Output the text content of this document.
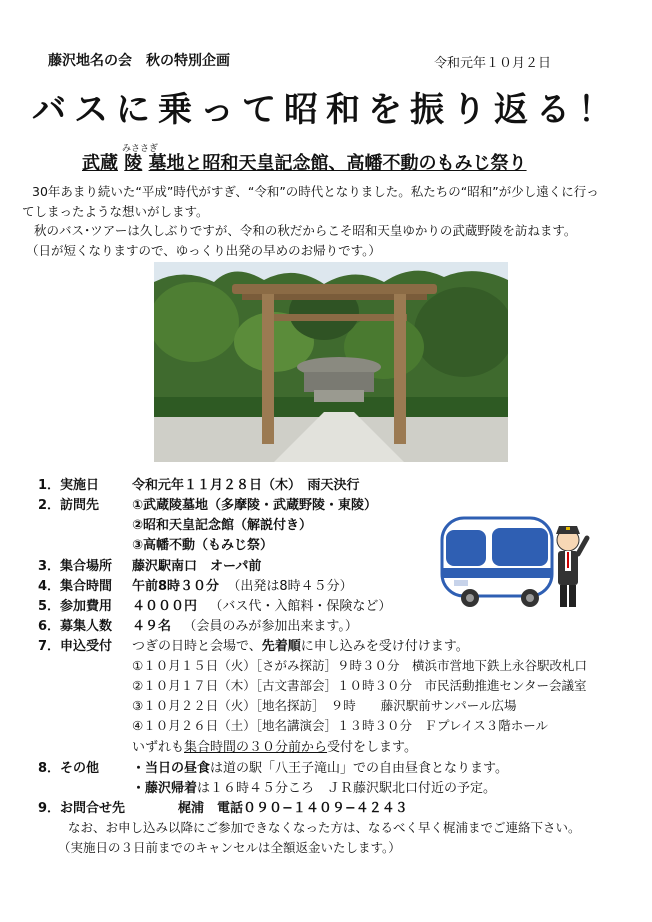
藤沢地名の会　秋の特別企画	令和元年１０月２日
バスに乗って昭和を振り返る！
みささぎ
武蔵 陵 墓地と昭和天皇記念館、高幡不動のもみじ祭り
30年あまり続いた“平成”時代がすぎ、“令和”の時代となりました。私たちの“昭和”が少し遠くに行っ
てしまったような想いがします。
秋のバス･ツアーは久しぶりですが、令和の秋だからこそ昭和天皇ゆかりの武蔵野陵を訪ねます。
（日が短くなりますので、ゆっくり出発の早めのお帰りです。）
1．実施日	令和元年１１月２８日（木）　雨天決行
2．訪問先	①武蔵陵墓地（多摩陵・武蔵野陵・東陵）
②昭和天皇記念館（解説付き）
③高幡不動（もみじ祭）
3．集合場所 藤沢駅南口　オーパ前
4．集合時間 午前8時３０分 （出発は8時４５分）
5．参加費用 ４０００円 （バス代・入館料・保険など）
6．募集人数 ４９名 （会員のみが参加出来ます。）
7．申込受付 つぎの日時と会場で、先着順に申し込みを受け付けます。
①１０月１５日（火）［さがみ探訪］９時３０分　横浜市営地下鉄上永谷駅改札口
②１０月１７日（木）［古文書部会］１０時３０分　市民活動推進センター会議室
③１０月２２日（火）［地名探訪］　９時　　藤沢駅前サンパール広場
④１０月２６日（土）［地名講演会］１３時３０分　Ｆプレイス３階ホール
いずれも集合時間の３０分前から受付をします。
8．その他	・当日の昼食は道の駅「八王子滝山」での自由昼食となります。
・藤沢帰着は１６時４５分ころ　ＪＲ藤沢駅北口付近の予定。
9．お問合せ先	梶浦　電話０９０−１４０９−４２４３
なお、お申し込み以降にご参加できなくなった方は、なるべく早く梶浦までご連絡下さい。
（実施日の３日前までのキャンセルは全額返金いたします。）
